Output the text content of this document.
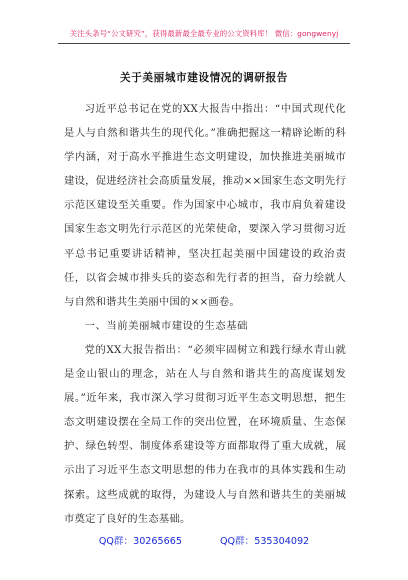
关注头条号“公文研究”，获得最新最全最专业的公文资料库！ 微信：gongwenyj
关于美丽城市建设情况的调研报告

习近平总书记在党的XX大报告中指出：“中国式现代化是人与自然和谐共生的现代化。”准确把握这一精辟论断的科学内涵，对于高水平推进生态文明建设，加快推进美丽城市建设，促进经济社会高质量发展，推动××国家生态文明先行示范区建设至关重要。作为国家中心城市，我市肩负着建设国家生态文明先行示范区的光荣使命，要深入学习贯彻习近平总书记重要讲话精神，坚决扛起美丽中国建设的政治责任，以省会城市排头兵的姿态和先行者的担当，奋力绘就人与自然和谐共生美丽中国的××画卷。

一、当前美丽城市建设的生态基础

党的XX大报告指出：“必须牢固树立和践行绿水青山就是金山银山的理念，站在人与自然和谐共生的高度谋划发展。”近年来，我市深入学习贯彻习近平生态文明思想，把生态文明建设摆在全局工作的突出位置，在环境质量、生态保护、绿色转型、制度体系建设等方面都取得了重大成就，展示出了习近平生态文明思想的伟力在我市的具体实践和生动探索。这些成就的取得，为建设人与自然和谐共生的美丽城市奠定了良好的生态基础。

QQ群：30265665	QQ群：535304092
